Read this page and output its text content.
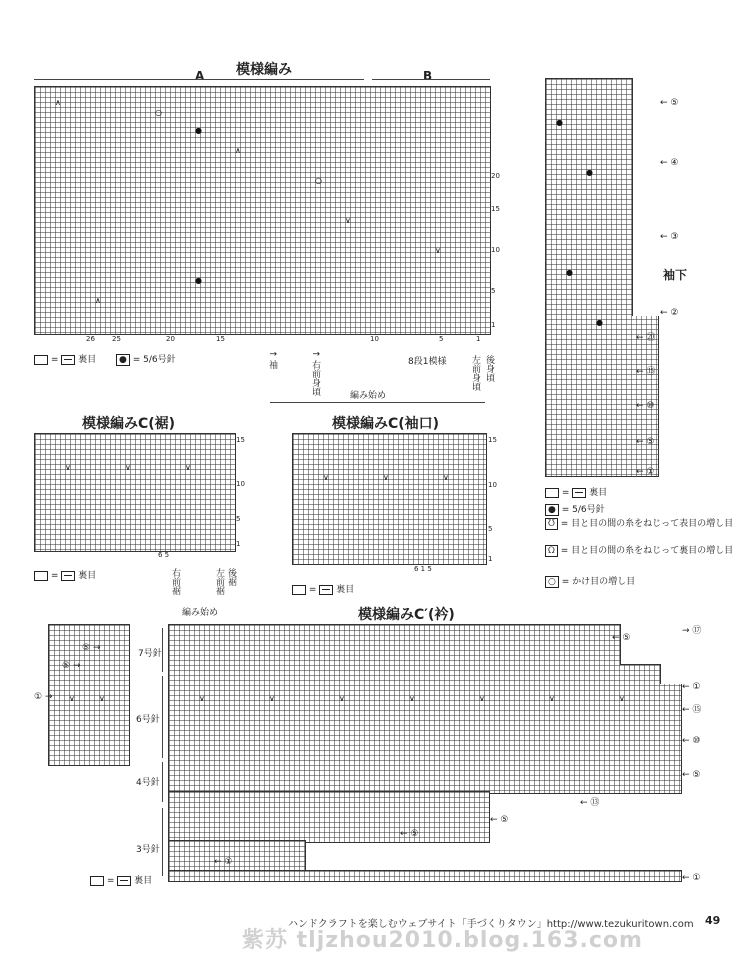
模様編み
A	B
∧
○
●
∧
○
∨
∨
●
∧
20
15
10
5
1
26 25	20	15	10	5	1
=  裏目	● = 5/6号針
↑
袖
↑
右前身頃	8段1模様	左前身頃 後身頃
編み始め
模様編みC(裾)
∨	∨	∨
15
10
5
1
6 5
=  裏目	右前裾	左前裾 後裾
編み始め
模様編みC(袖口)
∨	∨	∨
15
10
5
1
6 1 5
=  裏目
●
●
●
●
← ⑤
← ④
← ③
袖下
← ②
← ⑳
← ⑮
← ⑩
← ⑤
← ①
=  裏目
● = 5/6号針
ᘮ = 目と目の間の糸をねじって表目の増し目
ᘯ = 目と目の間の糸をねじって裏目の増し目
○ = かけ目の増し目
模様編みC′(衿)
∨	∨
⑤ →
⑤ →
① →
7号針
6号針
4号針
3号針
∨	∨	∨	∨	∨	∨	∨
→ ⑰
← ①
← ⑮
← ⑩
← ⑤
← ①
← ⑤
← ⑬
← ⑤
← ⑤
← ①
=  裏目
ハンドクラフトを楽しむウェブサイト「手づくりタウン」http://www.tezukuritown.com 49
紫苏 tljzhou2010.blog.163.com
